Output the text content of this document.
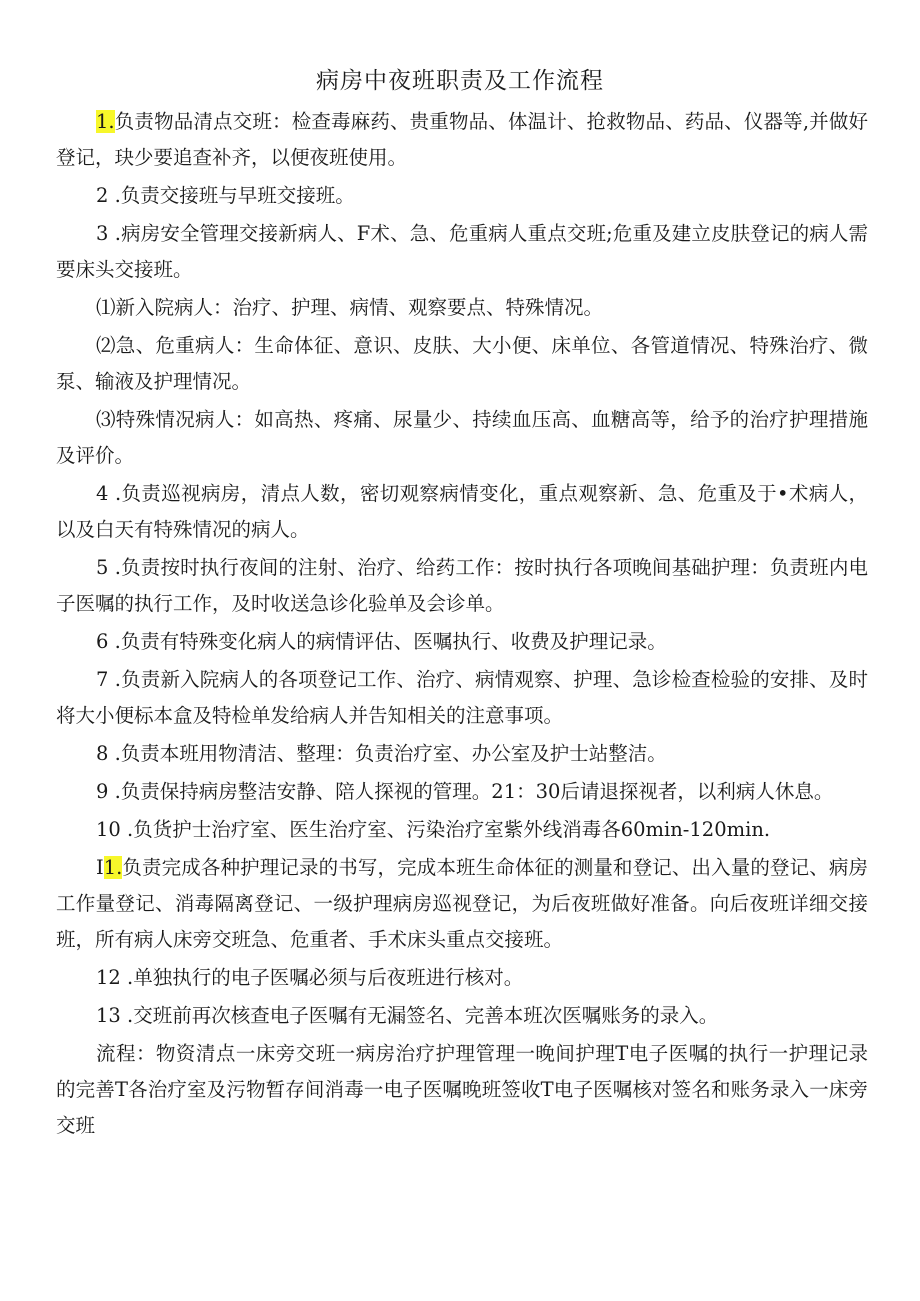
病房中夜班职责及工作流程

1.负责物品清点交班：检查毒麻药、贵重物品、体温计、抢救物品、药品、仪器等,并做好登记，玦少要追查补齐，以便夜班使用。

2 .负责交接班与早班交接班。

3 .病房安全管理交接新病人、F术、急、危重病人重点交班;危重及建立皮肤登记的病人需要床头交接班。

⑴新入院病人：治疗、护理、病情、观察要点、特殊情况。

⑵急、危重病人：生命体征、意识、皮肤、大小便、床单位、各管道情况、特殊治疗、微泵、输液及护理情况。

⑶特殊情况病人：如高热、疼痛、尿量少、持续血压高、血糖高等，给予的治疗护理措施及评价。

4 .负责巡视病房，清点人数，密切观察病情变化，重点观察新、急、危重及于•术病人，以及白天有特殊情况的病人。

5 .负责按时执行夜间的注射、治疗、给药工作：按时执行各项晚间基础护理：负责班内电子医嘱的执行工作，及时收送急诊化验单及会诊单。

6 .负责有特殊变化病人的病情评估、医嘱执行、收费及护理记录。

7 .负责新入院病人的各项登记工作、治疗、病情观察、护理、急诊检查检验的安排、及时将大小便标本盒及特检单发给病人并告知相关的注意事项。

8 .负责本班用物清洁、整理：负责治疗室、办公室及护士站整洁。

9 .负责保持病房整洁安静、陪人探视的管理。21：30后请退探视者，以利病人休息。

10 .负货护士治疗室、医生治疗室、污染治疗室紫外线消毒各60min-120min.

I1.负责完成各种护理记录的书写，完成本班生命体征的测量和登记、出入量的登记、病房工作量登记、消毒隔离登记、一级护理病房巡视登记，为后夜班做好准备。向后夜班详细交接班，所有病人床旁交班急、危重者、手术床头重点交接班。

12 .单独执行的电子医嘱必须与后夜班进行核对。

13 .交班前再次核查电子医嘱有无漏签名、完善本班次医嘱账务的录入。

流程：物资清点一床旁交班一病房治疗护理管理一晚间护理T电子医嘱的执行一护理记录的完善T各治疗室及污物暂存间消毒一电子医嘱晚班签收T电子医嘱核对签名和账务录入一床旁交班
